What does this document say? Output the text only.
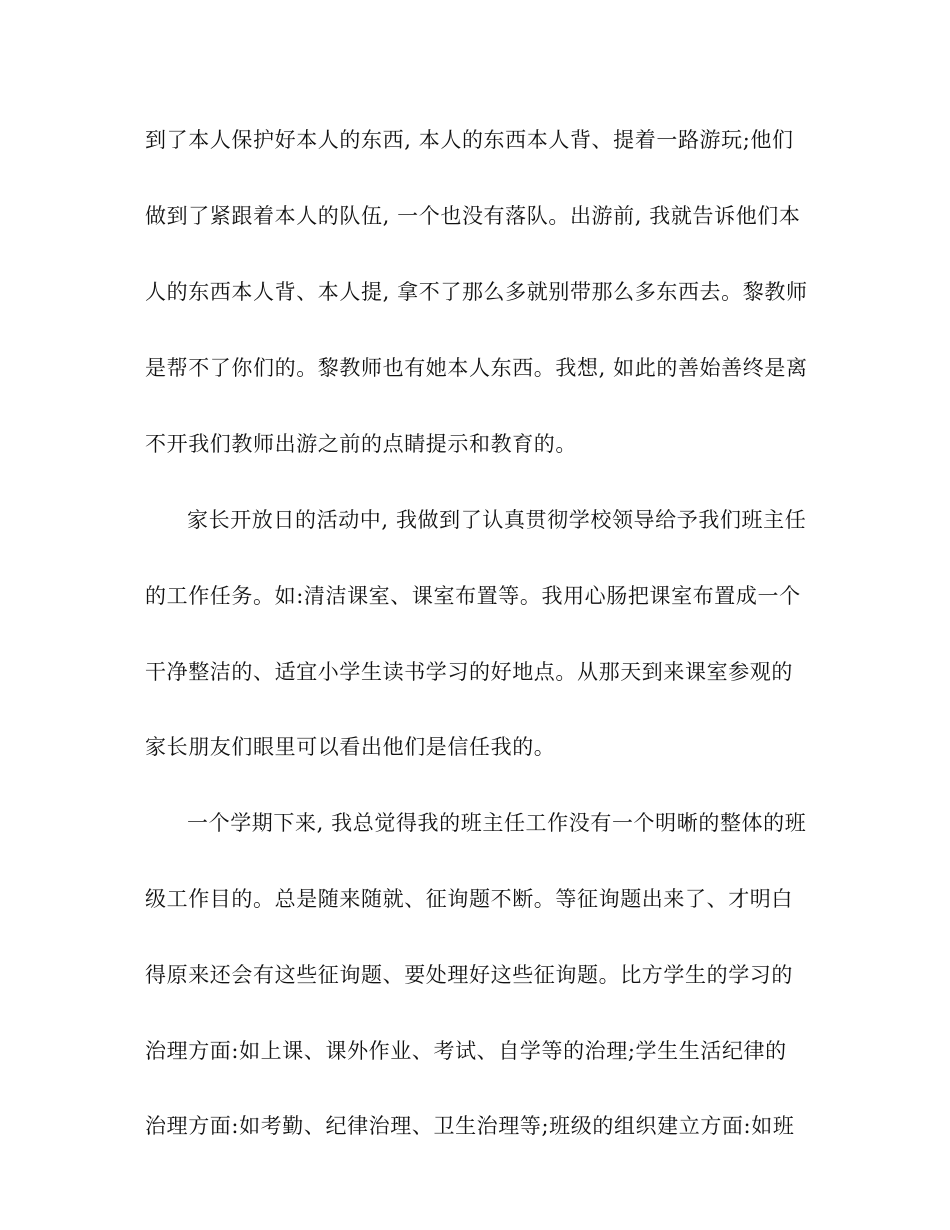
到了本人保护好本人的东西, 本人的东西本人背、提着一路游玩;他们
做到了紧跟着本人的队伍, 一个也没有落队。出游前, 我就告诉他们本
人的东西本人背、本人提, 拿不了那么多就别带那么多东西去。黎教师
是帮不了你们的。黎教师也有她本人东西。我想, 如此的善始善终是离
不开我们教师出游之前的点睛提示和教育的。
家长开放日的活动中, 我做到了认真贯彻学校领导给予我们班主任
的工作任务。如:清洁课室、课室布置等。我用心肠把课室布置成一个
干净整洁的、适宜小学生读书学习的好地点。从那天到来课室参观的
家长朋友们眼里可以看出他们是信任我的。
一个学期下来, 我总觉得我的班主任工作没有一个明晰的整体的班
级工作目的。总是随来随就、征询题不断。等征询题出来了、才明白
得原来还会有这些征询题、要处理好这些征询题。比方学生的学习的
治理方面:如上课、课外作业、考试、自学等的治理;学生生活纪律的
治理方面:如考勤、纪律治理、卫生治理等;班级的组织建立方面:如班
